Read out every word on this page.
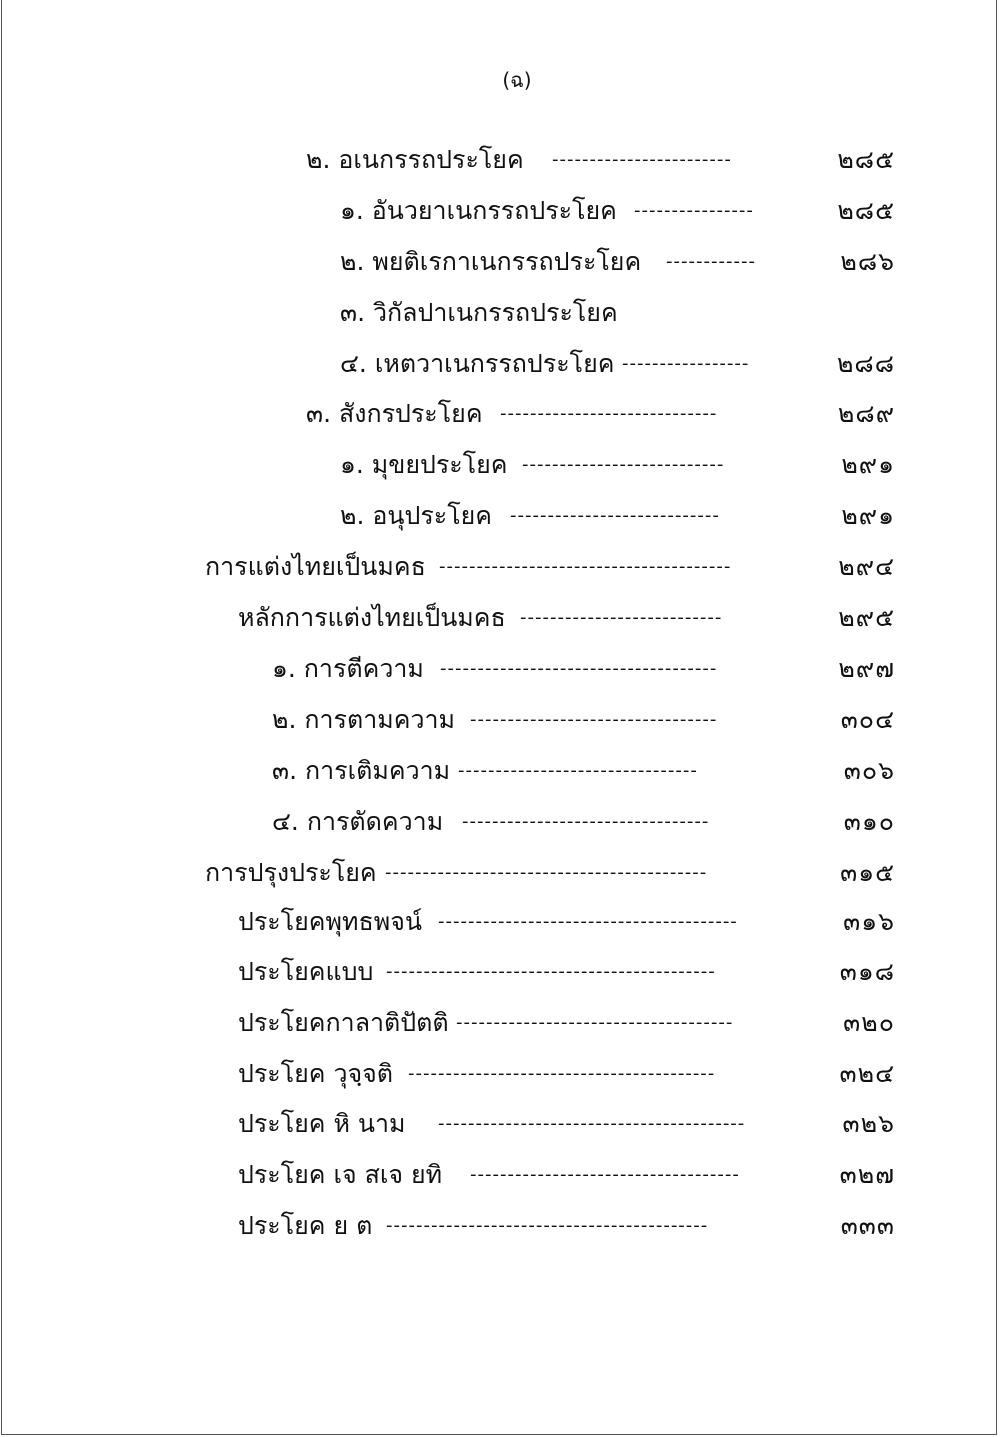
(ฉ)
๒. อเนกรรถประโยค ------------------------	๒๘๕
๑. อันวยาเนกรรถประโยค ----------------	๒๘๕
๒. พยติเรกาเนกรรถประโยค ------------	๒๘๖
๓. วิกัลปาเนกรรถประโยค
๔. เหตวาเนกรรถประโยค -----------------	๒๘๘
๓. สังกรประโยค -----------------------------	๒๘๙
๑. มุขยประโยค ---------------------------	๒๙๑
๒. อนุประโยค ----------------------------	๒๙๑
การแต่งไทยเป็นมคธ ---------------------------------------	๒๙๔
หลักการแต่งไทยเป็นมคธ ---------------------------	๒๙๕
๑. การตีความ -------------------------------------	๒๙๗
๒. การตามความ ---------------------------------	๓๐๔
๓. การเติมความ --------------------------------	๓๐๖
๔. การตัดความ ---------------------------------	๓๑๐
การปรุงประโยค -------------------------------------------	๓๑๕
ประโยคพุทธพจน์ ----------------------------------------	๓๑๖
ประโยคแบบ --------------------------------------------	๓๑๘
ประโยคกาลาติปัตติ -------------------------------------	๓๒๐
ประโยค วุจฺจติ -----------------------------------------	๓๒๔
ประโยค หิ นาม -----------------------------------------	๓๒๖
ประโยค เจ สเจ ยทิ ------------------------------------	๓๒๗
ประโยค ย ต -------------------------------------------	๓๓๓
